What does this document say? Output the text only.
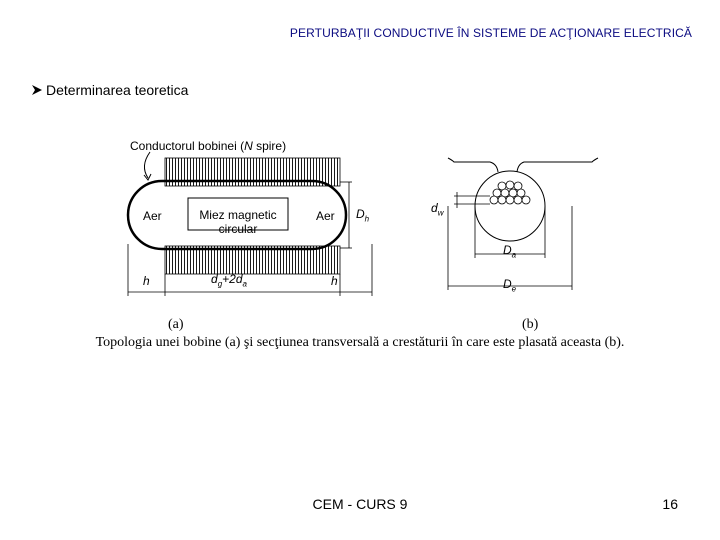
PERTURBAŢII CONDUCTIVE ÎN SISTEME DE ACŢIONARE ELECTRICĂ
Determinarea teoretica
Conductorul bobinei (N spire)
Aer	Miez magnetic
circular
Aer $D_h$
h	$d_g+2d_a$	h
$d_w$
$D_a$
$D_e$
(a)	(b)
Topologia unei bobine (a) şi secţiunea transversală a crestăturii în care este plasată aceasta (b).
CEM - CURS 9	16
